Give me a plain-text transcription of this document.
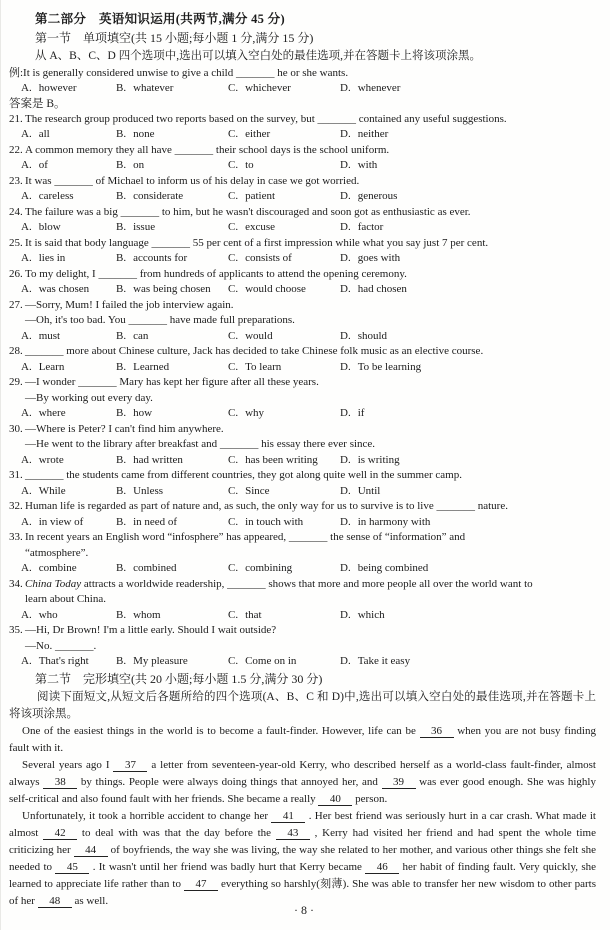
第二部分　英语知识运用(共两节,满分 45 分)
第一节　单项填空(共 15 小题;每小题 1 分,满分 15 分)
从 A、B、C、D 四个选项中,选出可以填入空白处的最佳选项,并在答题卡上将该项涂黑。
例:It is generally considered unwise to give a child _______ he or she wants.
A. however	B. whatever	C. whichever	D. whenever
答案是 B。
21. The research group produced two reports based on the survey, but _______ contained any useful suggestions.
A. all	B. none	C. either	D. neither
22. A common memory they all have _______ their school days is the school uniform.
A. of	B. on	C. to	D. with
23. It was _______ of Michael to inform us of his delay in case we got worried.
A. careless	B. considerate	C. patient	D. generous
24. The failure was a big _______ to him, but he wasn't discouraged and soon got as enthusiastic as ever.
A. blow	B. issue	C. excuse	D. factor
25. It is said that body language _______ 55 per cent of a first impression while what you say just 7 per cent.
A. lies in	B. accounts for	C. consists of	D. goes with
26. To my delight, I _______ from hundreds of applicants to attend the opening ceremony.
A. was chosen B. was being chosen C. would choose	D. had chosen
27. —Sorry, Mum! I failed the job interview again.
—Oh, it's too bad. You _______ have made full preparations.
A. must	B. can	C. would	D. should
28. _______ more about Chinese culture, Jack has decided to take Chinese folk music as an elective course.
A. Learn	B. Learned	C. To learn	D. To be learning
29. —I wonder _______ Mary has kept her figure after all these years.
—By working out every day.
A. where	B. how	C. why	D. if
30. —Where is Peter? I can't find him anywhere.
—He went to the library after breakfast and _______ his essay there ever since.
A. wrote	B. had written	C. has been writing D. is writing
31. _______ the students came from different countries, they got along quite well in the summer camp.
A. While	B. Unless	C. Since	D. Until
32. Human life is regarded as part of nature and, as such, the only way for us to survive is to live _______ nature.
A. in view of	B. in need of	C. in touch with	D. in harmony with
33. In recent years an English word “infosphere” has appeared, _______ the sense of “information” and
“atmosphere”.
A. combine	B. combined	C. combining	D. being combined
34. China Today attracts a worldwide readership, _______ shows that more and more people all over the world want to
learn about China.
A. who	B. whom	C. that	D. which
35. —Hi, Dr Brown! I'm a little early. Should I wait outside?
—No. _______.
A. That's right B. My pleasure	C. Come on in	D. Take it easy
第二节　完形填空(共 20 小题;每小题 1.5 分,满分 30 分)

阅读下面短文,从短文后各题所给的四个选项(A、B、C 和 D)中,选出可以填入空白处的最佳选项,并在答题卡上将该项涂黑。

One of the easiest things in the world is to become a fault-finder. However, life can be 36 when you are not busy finding fault with it.

Several years ago I 37 a letter from seventeen-year-old Kerry, who described herself as a world-class fault-finder, almost always 38 by things. People were always doing things that annoyed her, and 39 was ever good enough. She was highly self-critical and also found fault with her friends. She became a really 40 person.

Unfortunately, it took a horrible accident to change her 41 . Her best friend was seriously hurt in a car crash. What made it almost 42 to deal with was that the day before the 43 , Kerry had visited her friend and had spent the whole time criticizing her 44 of boyfriends, the way she was living, the way she related to her mother, and various other things she felt she needed to 45 . It wasn't until her friend was badly hurt that Kerry became 46 her habit of finding fault. Very quickly, she learned to appreciate life rather than to 47 everything so harshly(刻薄). She was able to transfer her new wisdom to other parts of her 48 as well.

·8·
